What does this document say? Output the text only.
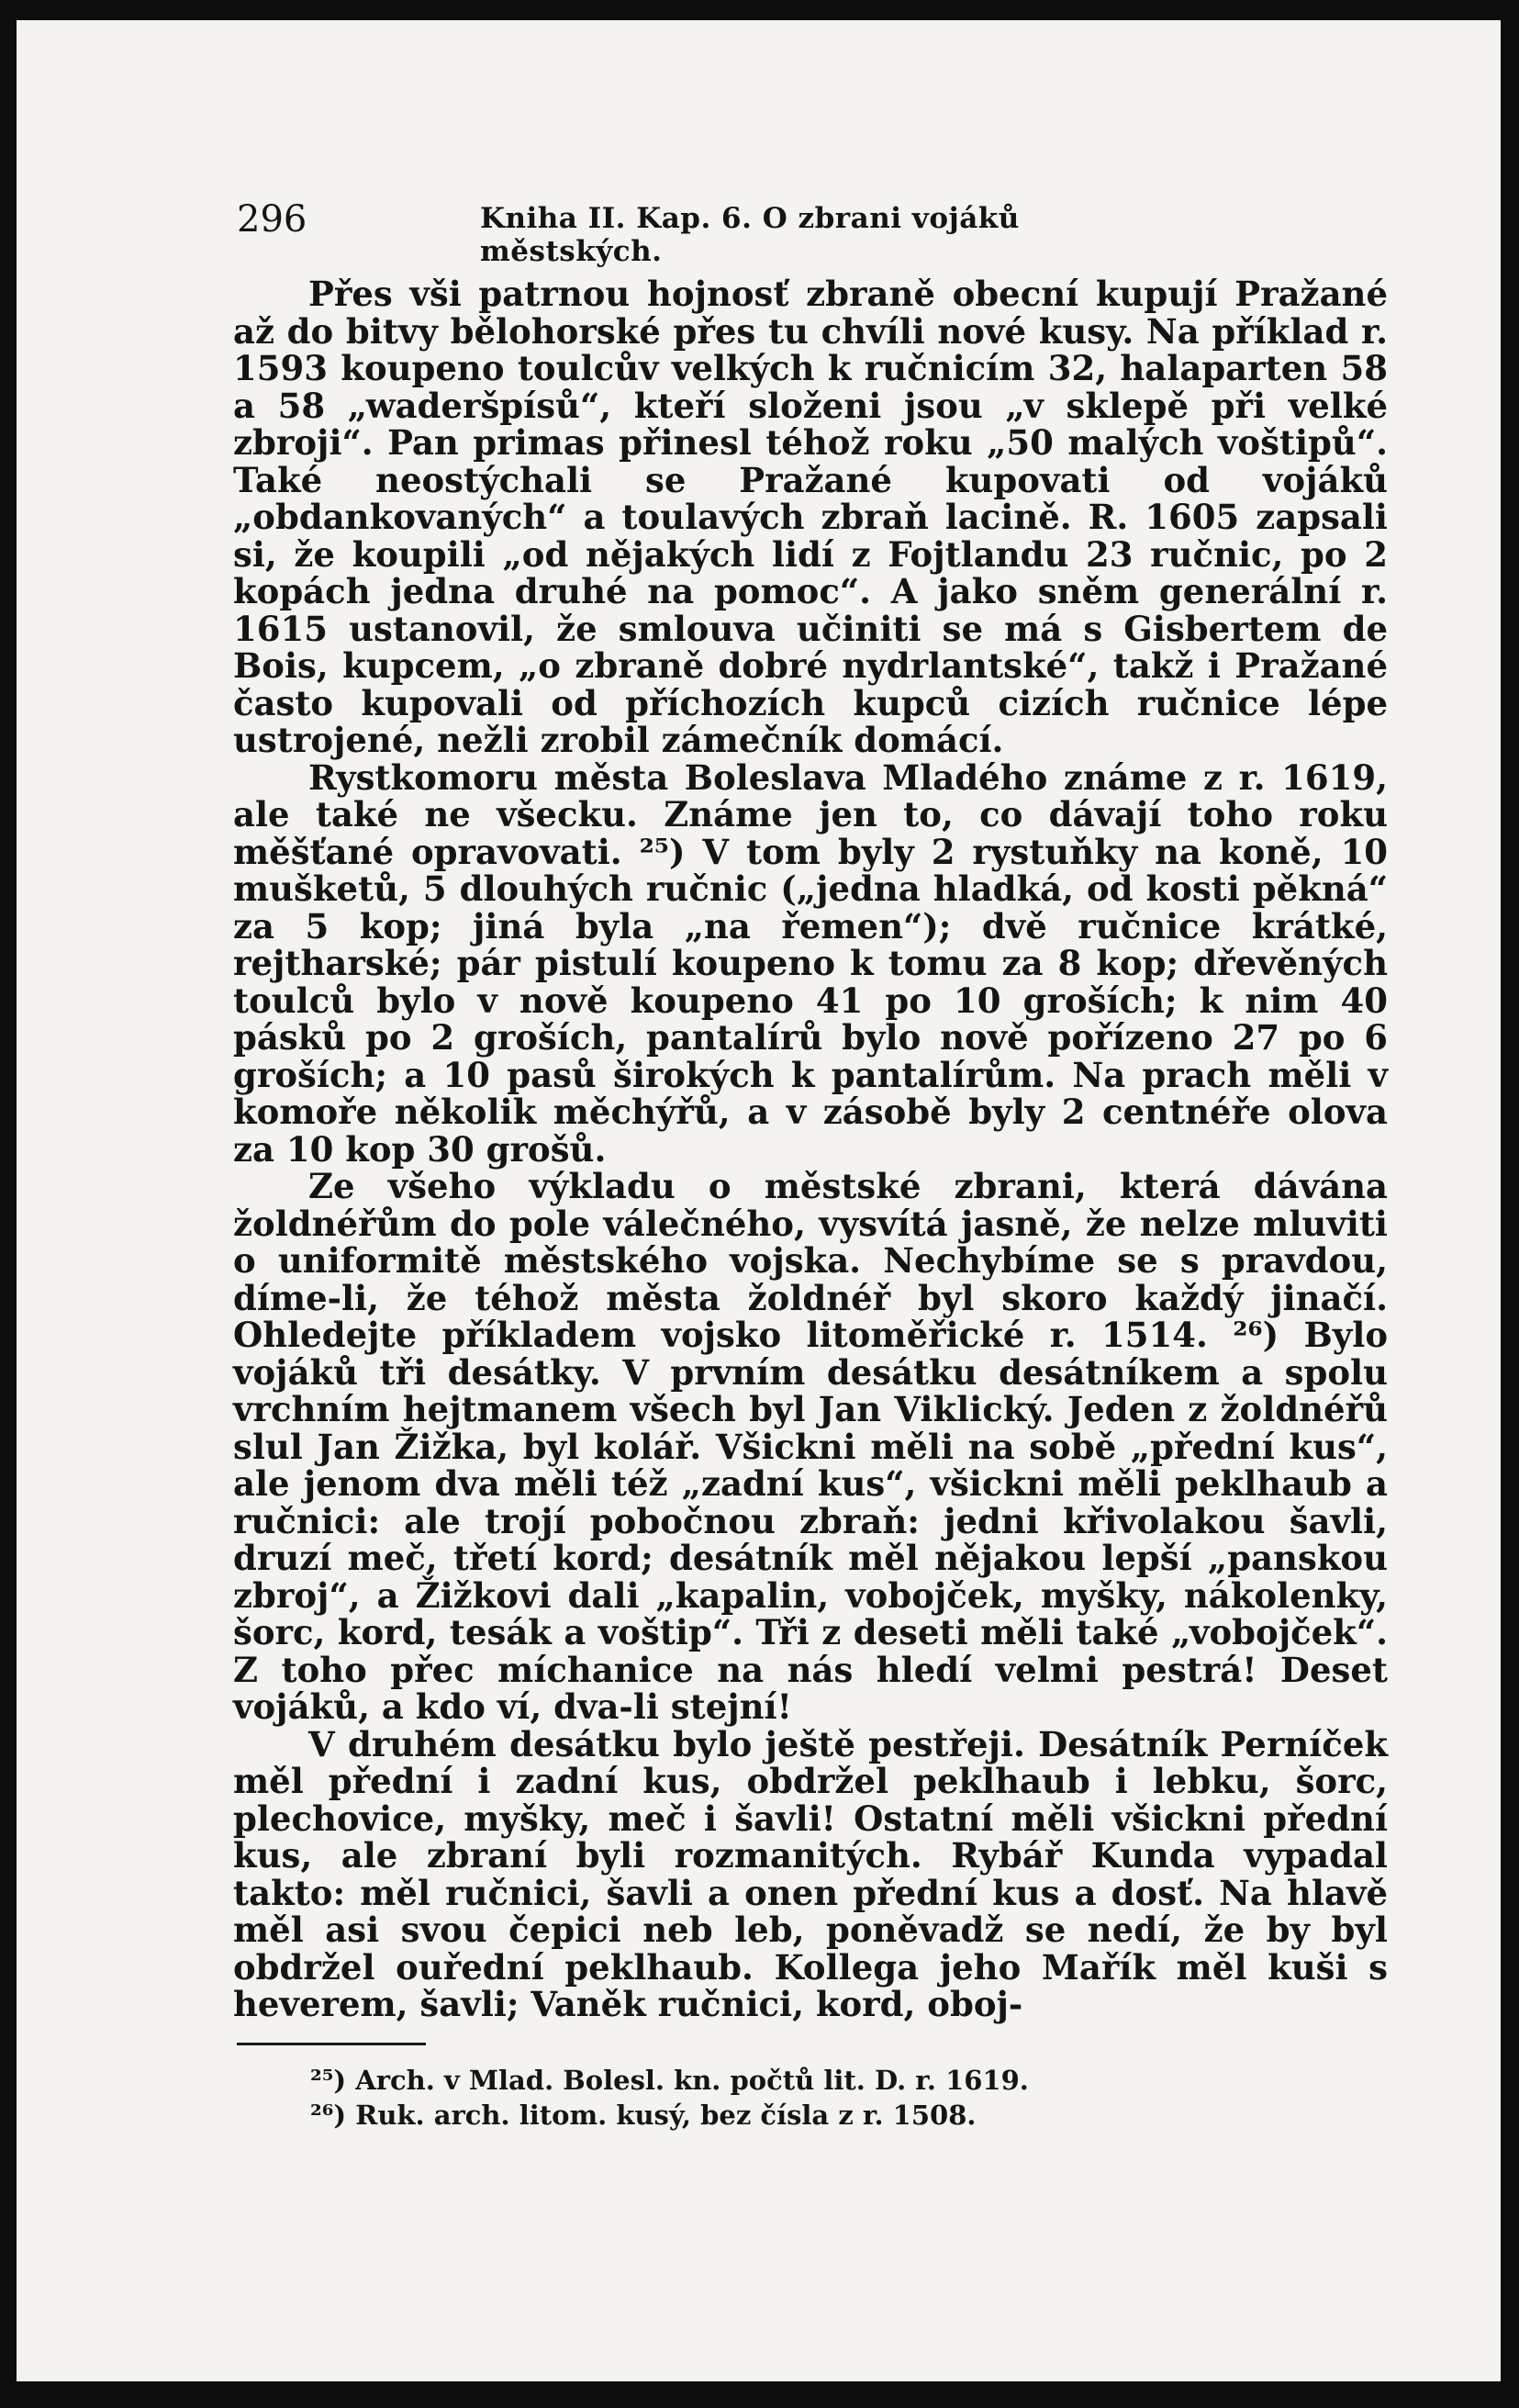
296	Kniha II. Kap. 6. O zbrani vojáků městských.

Přes vši patrnou hojnosť zbraně obecní kupují Pražané až do bitvy bělohorské přes tu chvíli nové kusy. Na příklad r. 1593 koupeno toulcův velkých k ručnicím 32, halaparten 58 a 58 „waderšpísů“, kteří složeni jsou „v sklepě při velké zbroji“. Pan primas přinesl téhož roku „50 malých voštipů“. Také neostýchali se Pražané kupovati od vojáků „obdankovaných“ a toulavých zbraň lacině. R. 1605 zapsali si, že koupili „od nějakých lidí z Fojtlandu 23 ručnic, po 2 kopách jedna druhé na pomoc“. A jako sněm generální r. 1615 ustanovil, že smlouva učiniti se má s Gisbertem de Bois, kupcem, „o zbraně dobré nydrlantské“, takž i Pražané často kupovali od příchozích kupců cizích ručnice lépe ustrojené, nežli zrobil zámečník domácí.

Rystkomoru města Boleslava Mladého známe z r. 1619, ale také ne všecku. Známe jen to, co dávají toho roku měšťané opravovati. ²⁵) V tom byly 2 rystuňky na koně, 10 mušketů, 5 dlouhých ručnic („jedna hladká, od kosti pěkná“ za 5 kop; jiná byla „na řemen“); dvě ručnice krátké, rejtharské; pár pistulí koupeno k tomu za 8 kop; dřevěných toulců bylo v nově koupeno 41 po 10 groších; k nim 40 pásků po 2 groších, pantalírů bylo nově pořízeno 27 po 6 groších; a 10 pasů širokých k pantalírům. Na prach měli v komoře několik měchýřů, a v zásobě byly 2 centnéře olova za 10 kop 30 grošů.

Ze všeho výkladu o městské zbrani, která dávána žoldnéřům do pole válečného, vysvítá jasně, že nelze mluviti o uniformitě městského vojska. Nechybíme se s pravdou, díme-li, že téhož města žoldnéř byl skoro každý jinačí. Ohledejte příkladem vojsko litoměřické r. 1514. ²⁶) Bylo vojáků tři desátky. V prvním desátku desátníkem a spolu vrchním hejtmanem všech byl Jan Viklický. Jeden z žoldnéřů slul Jan Žižka, byl kolář. Všickni měli na sobě „přední kus“, ale jenom dva měli též „zadní kus“, všickni měli peklhaub a ručnici: ale trojí pobočnou zbraň: jedni křivolakou šavli, druzí meč, třetí kord; desátník měl nějakou lepší „panskou zbroj“, a Žižkovi dali „kapalin, vobojček, myšky, nákolenky, šorc, kord, tesák a voštip“. Tři z deseti měli také „vobojček“. Z toho přec míchanice na nás hledí velmi pestrá! Deset vojáků, a kdo ví, dva-li stejní!

V druhém desátku bylo ještě pestřeji. Desátník Perníček měl přední i zadní kus, obdržel peklhaub i lebku, šorc, plechovice, myšky, meč i šavli! Ostatní měli všickni přední kus, ale zbraní byli rozmanitých. Rybář Kunda vypadal takto: měl ručnici, šavli a onen přední kus a dosť. Na hlavě měl asi svou čepici neb leb, poněvadž se nedí, že by byl obdržel ouřední peklhaub. Kollega jeho Mařík měl kuši s heverem, šavli; Vaněk ručnici, kord, oboj-

²⁵) Arch. v Mlad. Bolesl. kn. počtů lit. D. r. 1619.

²⁶) Ruk. arch. litom. kusý, bez čísla z r. 1508.
